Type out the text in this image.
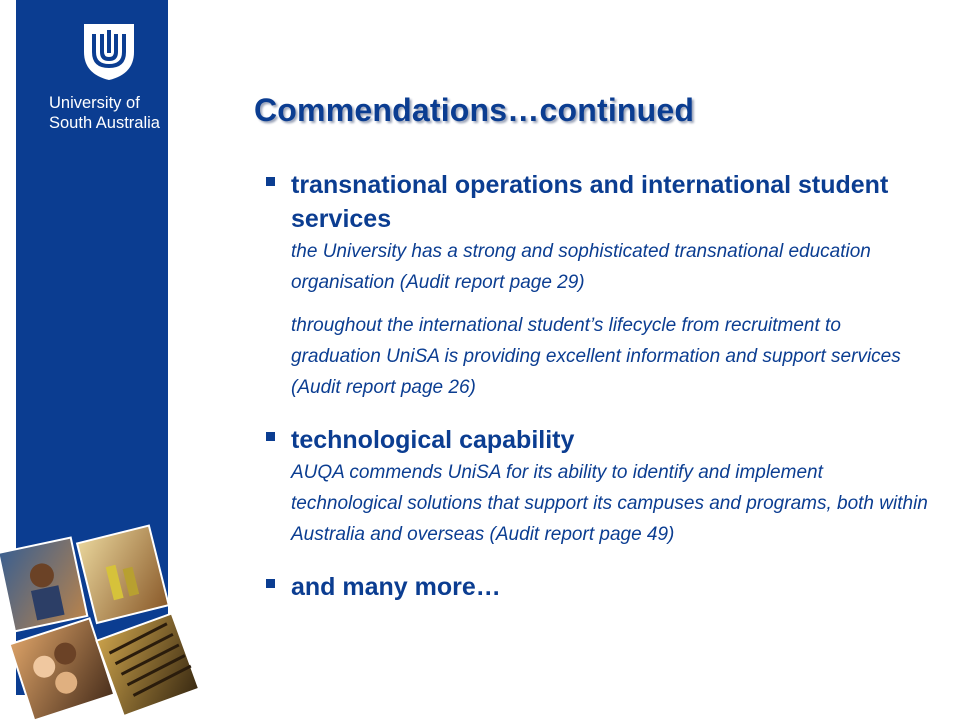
University of
South Australia	Commendations…continued
transnational operations and international student services

the University has a strong and sophisticated transnational education organisation (Audit report page 29)

throughout the international student’s lifecycle from recruitment to graduation UniSA is providing excellent information and support services (Audit report page 26)

technological capability

AUQA commends UniSA for its ability to identify and implement technological solutions that support its campuses and programs, both within Australia and overseas (Audit report page 49)

and many more…
